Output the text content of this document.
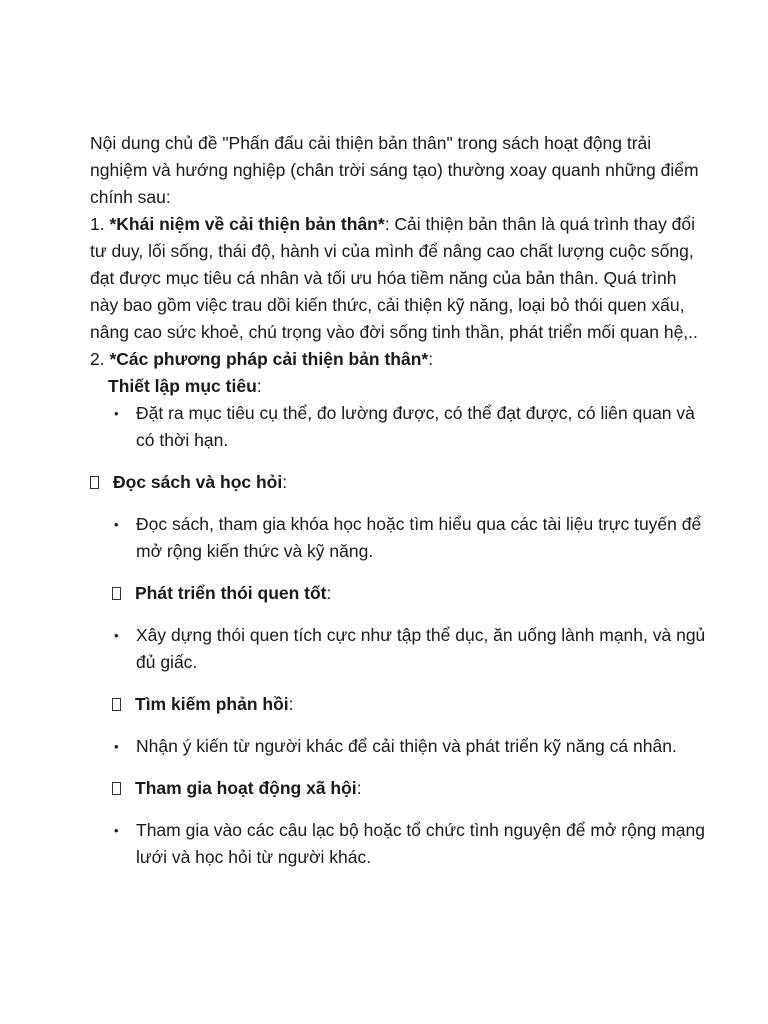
Nội dung chủ đề "Phấn đấu cải thiện bản thân" trong sách hoạt động trải nghiệm và hướng nghiệp (chân trời sáng tạo) thường xoay quanh những điểm chính sau:

1. *Khái niệm về cải thiện bản thân*: Cải thiện bản thân là quá trình thay đổi tư duy, lối sống, thái độ, hành vi của mình để nâng cao chất lượng cuộc sống, đạt được mục tiêu cá nhân và tối ưu hóa tiềm năng của bản thân. Quá trình này bao gồm việc trau dồi kiến thức, cải thiện kỹ năng, loại bỏ thói quen xấu, nâng cao sức khoẻ, chú trọng vào đời sống tinh thần, phát triển mối quan hệ,..

2. *Các phương pháp cải thiện bản thân*:

Thiết lập mục tiêu:

• Đặt ra mục tiêu cụ thể, đo lường được, có thể đạt được, có liên quan và có thời hạn.
Đọc sách và học hỏi :
• Đọc sách, tham gia khóa học hoặc tìm hiểu qua các tài liệu trực tuyến để mở rộng kiến thức và kỹ năng.
Phát triển thói quen tốt :
• Xây dựng thói quen tích cực như tập thể dục, ăn uống lành mạnh, và ngủ đủ giấc.
Tìm kiếm phản hồi :
• Nhận ý kiến từ người khác để cải thiện và phát triển kỹ năng cá nhân.
Tham gia hoạt động xã hội :
• Tham gia vào các câu lạc bộ hoặc tổ chức tình nguyện để mở rộng mạng lưới và học hỏi từ người khác.
